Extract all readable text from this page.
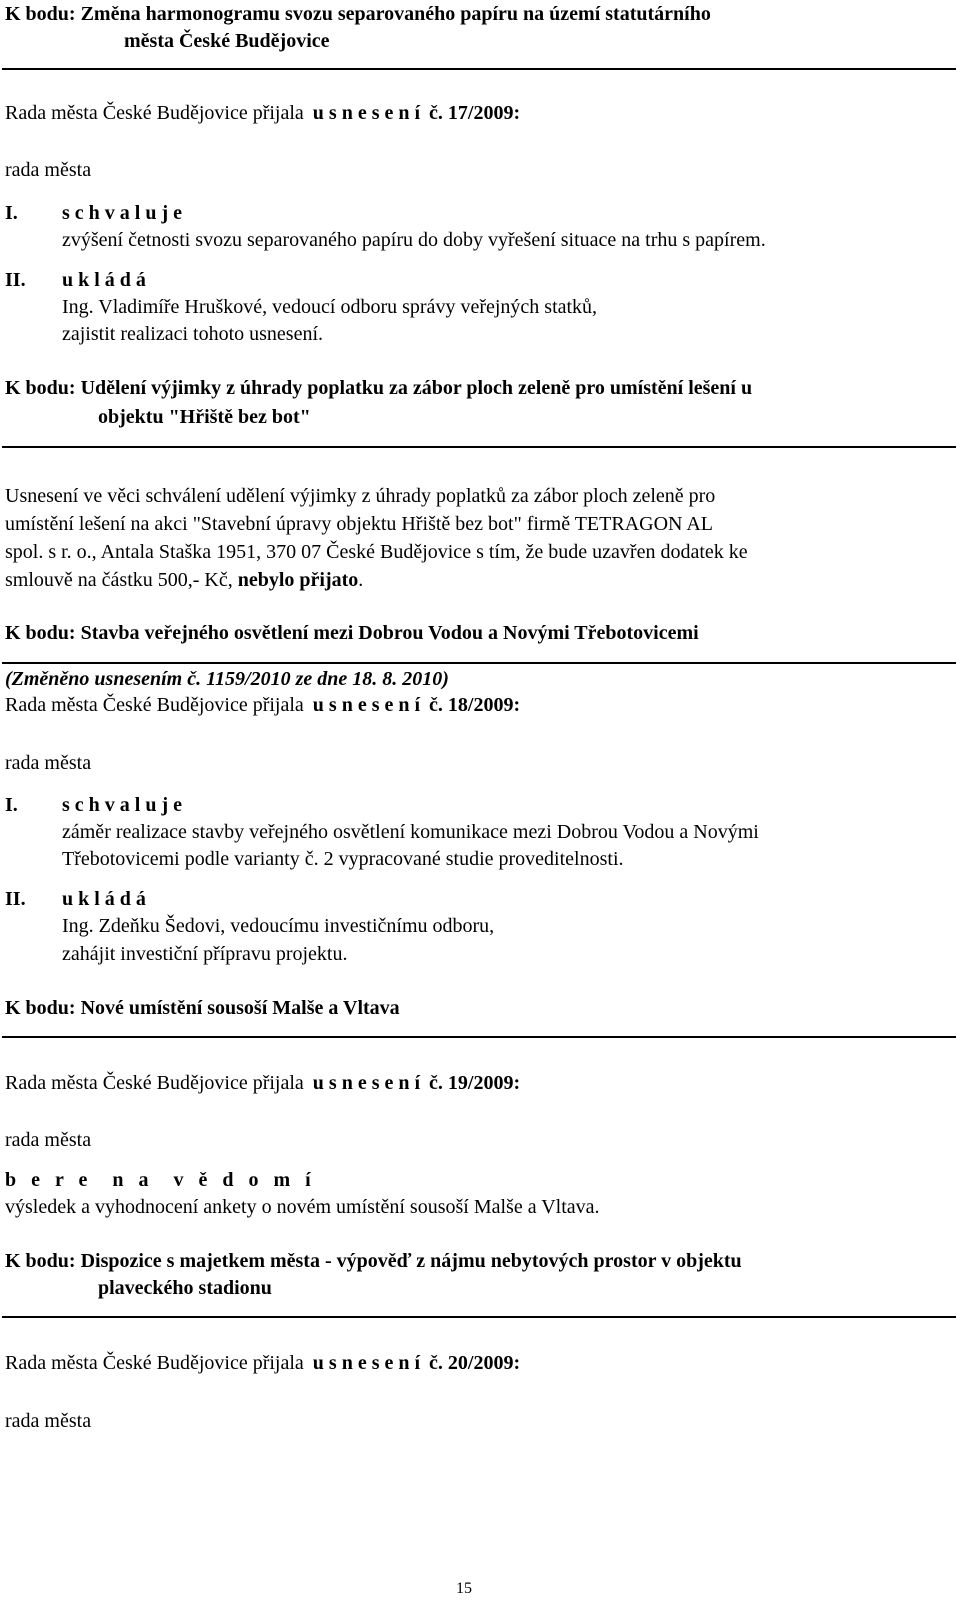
K bodu: Změna harmonogramu svozu separovaného papíru na území statutárního
města České Budějovice
Rada města České Budějovice přijala u s n e s e n í č. 17/2009:
rada města
I. s c h v a l u j e
zvýšení četnosti svozu separovaného papíru do doby vyřešení situace na trhu s papírem.
II. u k l á d á
Ing. Vladimíře Hruškové, vedoucí odboru správy veřejných statků,
zajistit realizaci tohoto usnesení.
K bodu: Udělení výjimky z úhrady poplatku za zábor ploch zeleně pro umístění lešení u
objektu "Hřiště bez bot"
Usnesení ve věci schválení udělení výjimky z úhrady poplatků za zábor ploch zeleně pro
umístění lešení na akci "Stavební úpravy objektu Hřiště bez bot" firmě TETRAGON AL
spol. s r. o., Antala Staška 1951, 370 07 České Budějovice s tím, že bude uzavřen dodatek ke
smlouvě na částku 500,- Kč, nebylo přijato.
K bodu: Stavba veřejného osvětlení mezi Dobrou Vodou a Novými Třebotovicemi
(Změněno usnesením č. 1159/2010 ze dne 18. 8. 2010)
Rada města České Budějovice přijala u s n e s e n í č. 18/2009:
rada města
I. s c h v a l u j e
záměr realizace stavby veřejného osvětlení komunikace mezi Dobrou Vodou a Novými
Třebotovicemi podle varianty č. 2 vypracované studie proveditelnosti.
II. u k l á d á
Ing. Zdeňku Šedovi, vedoucímu investičnímu odboru,
zahájit investiční přípravu projektu.
K bodu: Nové umístění sousoší Malše a Vltava
Rada města České Budějovice přijala u s n e s e n í č. 19/2009:
rada města
b e r e  n a  v ě d o m í
výsledek a vyhodnocení ankety o novém umístění sousoší Malše a Vltava.
K bodu: Dispozice s majetkem města - výpověď z nájmu nebytových prostor v objektu
plaveckého stadionu
Rada města České Budějovice přijala u s n e s e n í č. 20/2009:
rada města
15
